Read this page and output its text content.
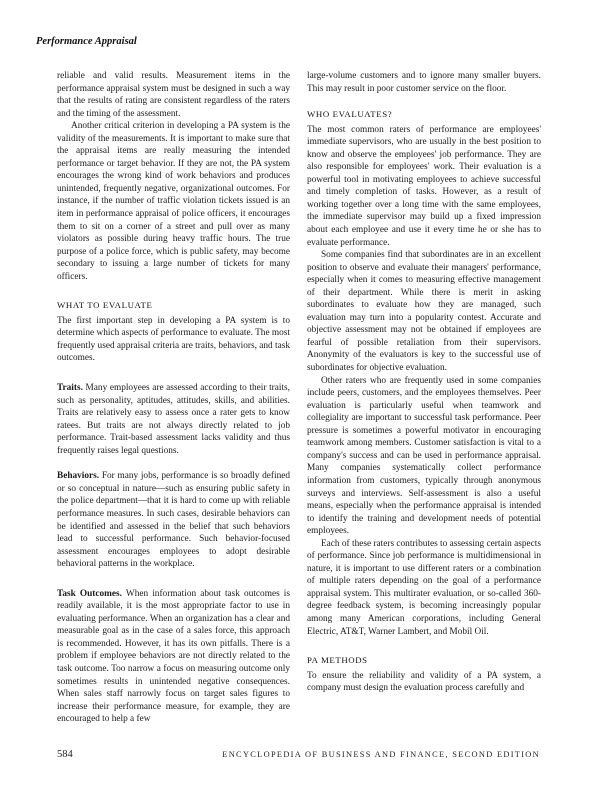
Performance Appraisal

reliable and valid results. Measurement items in the performance appraisal system must be designed in such a way that the results of rating are consistent regardless of the raters and the timing of the assessment.

Another critical criterion in developing a PA system is the validity of the measurements. It is important to make sure that the appraisal items are really measuring the intended performance or target behavior. If they are not, the PA system encourages the wrong kind of work behaviors and produces unintended, frequently negative, organizational outcomes. For instance, if the number of traffic violation tickets issued is an item in performance appraisal of police officers, it encourages them to sit on a corner of a street and pull over as many violators as possible during heavy traffic hours. The true purpose of a police force, which is public safety, may become secondary to issuing a large number of tickets for many officers.

WHAT TO EVALUATE

The first important step in developing a PA system is to determine which aspects of performance to evaluate. The most frequently used appraisal criteria are traits, behaviors, and task outcomes.

Traits. Many employees are assessed according to their traits, such as personality, aptitudes, attitudes, skills, and abilities. Traits are relatively easy to assess once a rater gets to know ratees. But traits are not always directly related to job performance. Trait-based assessment lacks validity and thus frequently raises legal questions.

Behaviors. For many jobs, performance is so broadly defined or so conceptual in nature—such as ensuring public safety in the police department—that it is hard to come up with reliable performance measures. In such cases, desirable behaviors can be identified and assessed in the belief that such behaviors lead to successful performance. Such behavior-focused assessment encourages employees to adopt desirable behavioral patterns in the workplace.

Task Outcomes. When information about task outcomes is readily available, it is the most appropriate factor to use in evaluating performance. When an organization has a clear and measurable goal as in the case of a sales force, this approach is recommended. However, it has its own pitfalls. There is a problem if employee behaviors are not directly related to the task outcome. Too narrow a focus on measuring outcome only sometimes results in unintended negative consequences. When sales staff narrowly focus on target sales figures to increase their performance measure, for example, they are encouraged to help a few

large-volume customers and to ignore many smaller buyers. This may result in poor customer service on the floor.

WHO EVALUATES?

The most common raters of performance are employees' immediate supervisors, who are usually in the best position to know and observe the employees' job performance. They are also responsible for employees' work. Their evaluation is a powerful tool in motivating employees to achieve successful and timely completion of tasks. However, as a result of working together over a long time with the same employees, the immediate supervisor may build up a fixed impression about each employee and use it every time he or she has to evaluate performance.

Some companies find that subordinates are in an excellent position to observe and evaluate their managers' performance, especially when it comes to measuring effective management of their department. While there is merit in asking subordinates to evaluate how they are managed, such evaluation may turn into a popularity contest. Accurate and objective assessment may not be obtained if employees are fearful of possible retaliation from their supervisors. Anonymity of the evaluators is key to the successful use of subordinates for objective evaluation.

Other raters who are frequently used in some companies include peers, customers, and the employees themselves. Peer evaluation is particularly useful when teamwork and collegiality are important to successful task performance. Peer pressure is sometimes a powerful motivator in encouraging teamwork among members. Customer satisfaction is vital to a company's success and can be used in performance appraisal. Many companies systematically collect performance information from customers, typically through anonymous surveys and interviews. Self-assessment is also a useful means, especially when the performance appraisal is intended to identify the training and development needs of potential employees.

Each of these raters contributes to assessing certain aspects of performance. Since job performance is multidimensional in nature, it is important to use different raters or a combination of multiple raters depending on the goal of a performance appraisal system. This multirater evaluation, or so-called 360-degree feedback system, is becoming increasingly popular among many American corporations, including General Electric, AT&T, Warner Lambert, and Mobil Oil.

PA METHODS

To ensure the reliability and validity of a PA system, a company must design the evaluation process carefully and

584	ENCYCLOPEDIA OF BUSINESS AND FINANCE, SECOND EDITION
